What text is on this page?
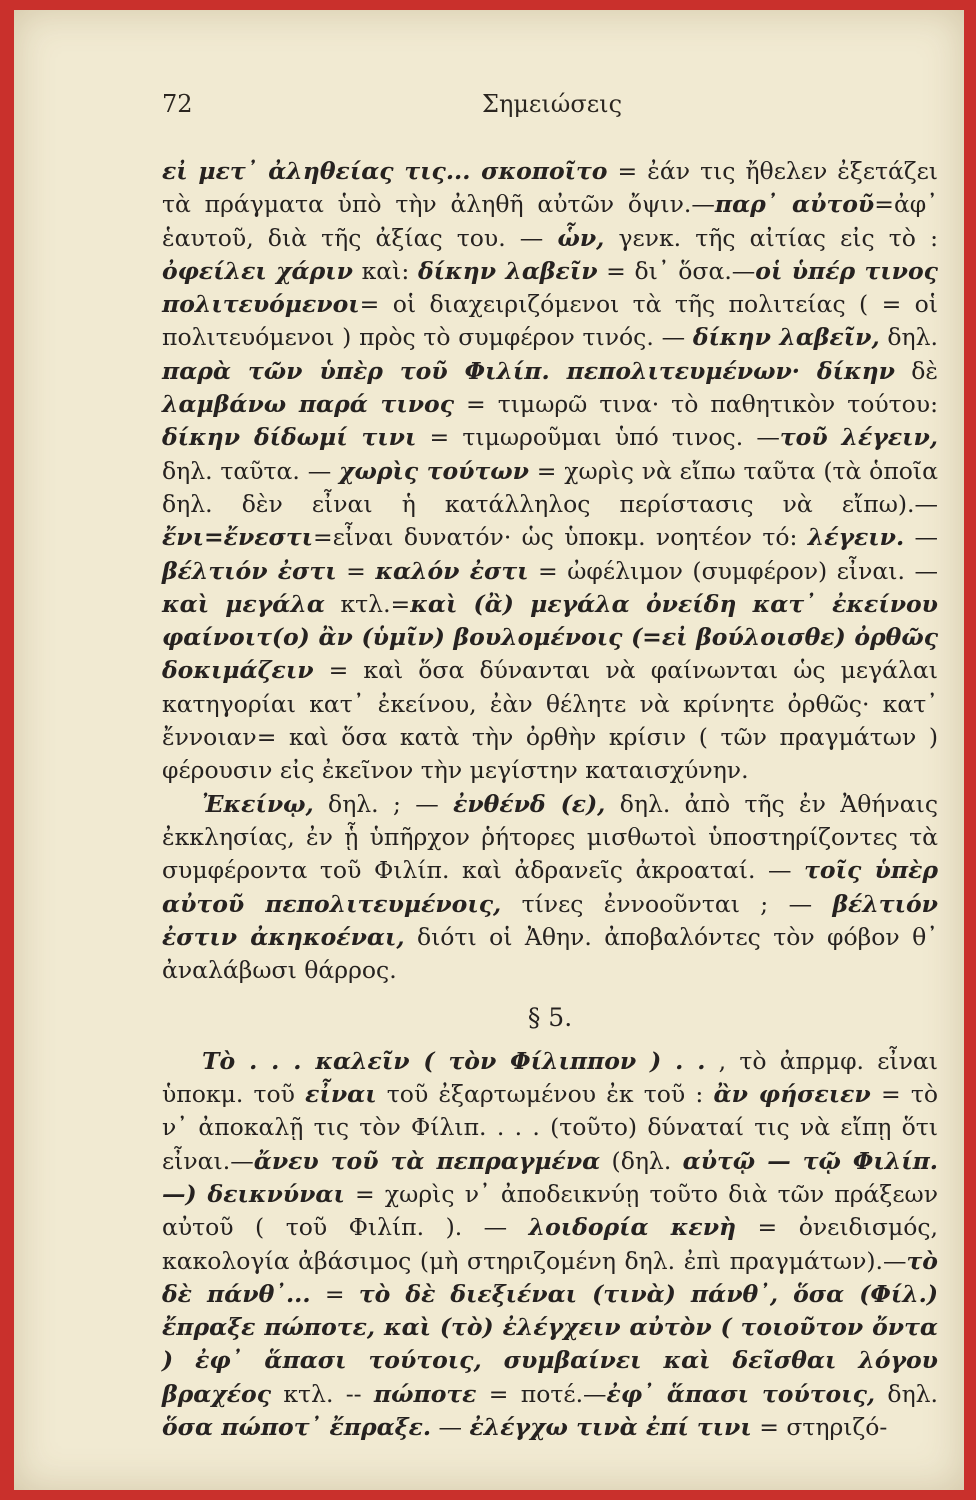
72	Σημειώσεις

εἰ μετ᾽ ἀληθείας τις... σκοποῖτο = ἐάν τις ἤθελεν ἐξετάζει τὰ πράγματα ὑπὸ τὴν ἀληθῆ αὐτῶν ὄψιν.—παρ᾽ αὐτοῦ=ἀφ᾽ ἑαυτοῦ, διὰ τῆς ἀξίας του. — ὧν, γενκ. τῆς αἰτίας εἰς τὸ : ὀφείλει χάριν καὶ: δίκην λαβεῖν = δι᾽ ὅσα.—οἱ ὑπέρ τινος πολιτευόμενοι= οἱ διαχειριζόμενοι τὰ τῆς πολιτείας ( = οἱ πολιτευόμενοι ) πρὸς τὸ συμφέρον τινός. — δίκην λαβεῖν, δηλ. παρὰ τῶν ὑπὲρ τοῦ Φιλίπ. πεπολιτευμένων· δίκην δὲ λαμβάνω παρά τινος = τιμωρῶ τινα· τὸ παθητικὸν τούτου: δίκην δίδωμί τινι = τιμωροῦμαι ὑπό τινος. —τοῦ λέγειν, δηλ. ταῦτα. — χωρὶς τούτων = χωρὶς νὰ εἴπω ταῦτα (τὰ ὁποῖα δηλ. δὲν εἶναι ἡ κατάλληλος περίστασις νὰ εἴπω).—ἔνι=ἔνεστι=εἶναι δυνατόν· ὡς ὑποκμ. νοητέον τό: λέγειν. — βέλτιόν ἐστι = καλόν ἐστι = ὠφέλιμον (συμφέρον) εἶναι. —καὶ μεγάλα κτλ.=καὶ (ἂ) μεγάλα ὀνείδη κατ᾽ ἐκείνου φαίνοιτ(ο) ἂν (ὑμῖν) βουλομένοις (=εἰ βούλοισθε) ὀρθῶς δοκιμάζειν = καὶ ὅσα δύνανται νὰ φαίνωνται ὡς μεγάλαι κατηγορίαι κατ᾽ ἐκείνου, ἐὰν θέλητε νὰ κρίνητε ὀρθῶς· κατ᾽ ἔννοιαν= καὶ ὅσα κατὰ τὴν ὀρθὴν κρίσιν ( τῶν πραγμάτων ) φέρουσιν εἰς ἐκεῖνον τὴν μεγίστην καταισχύνην.

Ἐκείνῳ, δηλ. ; — ἐνθένδ (ε), δηλ. ἀπὸ τῆς ἐν Ἀθήναις ἐκκλησίας, ἐν ᾗ ὑπῆρχον ῥήτορες μισθωτοὶ ὑποστηρίζοντες τὰ συμφέροντα τοῦ Φιλίπ. καὶ ἀδρανεῖς ἀκροαταί. — τοῖς ὑπὲρ αὐτοῦ πεπολιτευμένοις, τίνες ἐννοοῦνται ; — βέλτιόν ἐστιν ἀκηκοέναι, διότι οἱ Ἀθην. ἀποβαλόντες τὸν φόβον θ᾽ ἀναλάβωσι θάρρος.

§ 5.

Τὸ . . . καλεῖν ( τὸν Φίλιππον ) . . , τὸ ἀπρμφ. εἶναι ὑποκμ. τοῦ εἶναι τοῦ ἐξαρτωμένου ἐκ τοῦ : ἂν φήσειεν = τὸ ν᾽ ἀποκαλῇ τις τὸν Φίλιπ. . . . (τοῦτο) δύναταί τις νὰ εἴπῃ ὅτι εἶναι.—ἄνευ τοῦ τὰ πεπραγμένα (δηλ. αὐτῷ — τῷ Φιλίπ.—) δεικνύναι = χωρὶς ν᾽ ἀποδεικνύῃ τοῦτο διὰ τῶν πράξεων αὐτοῦ ( τοῦ Φιλίπ. ). — λοιδορία κενὴ = ὀνειδισμός, κακολογία ἀβάσιμος (μὴ στηριζομένη δηλ. ἐπὶ πραγμάτων).—τὸ δὲ πάνθ᾽... = τὸ δὲ διεξιέναι (τινὰ) πάνθ᾽, ὅσα (Φίλ.) ἔπραξε πώποτε, καὶ (τὸ) ἐλέγχειν αὐτὸν ( τοιοῦτον ὄντα ) ἐφ᾽ ἅπασι τούτοις, συμβαίνει καὶ δεῖσθαι λόγου βραχέος κτλ. -- πώποτε = ποτέ.—ἐφ᾽ ἅπασι τούτοις, δηλ. ὅσα πώποτ᾽ ἔπραξε. — ἐλέγχω τινὰ ἐπί τινι = στηριζό-
